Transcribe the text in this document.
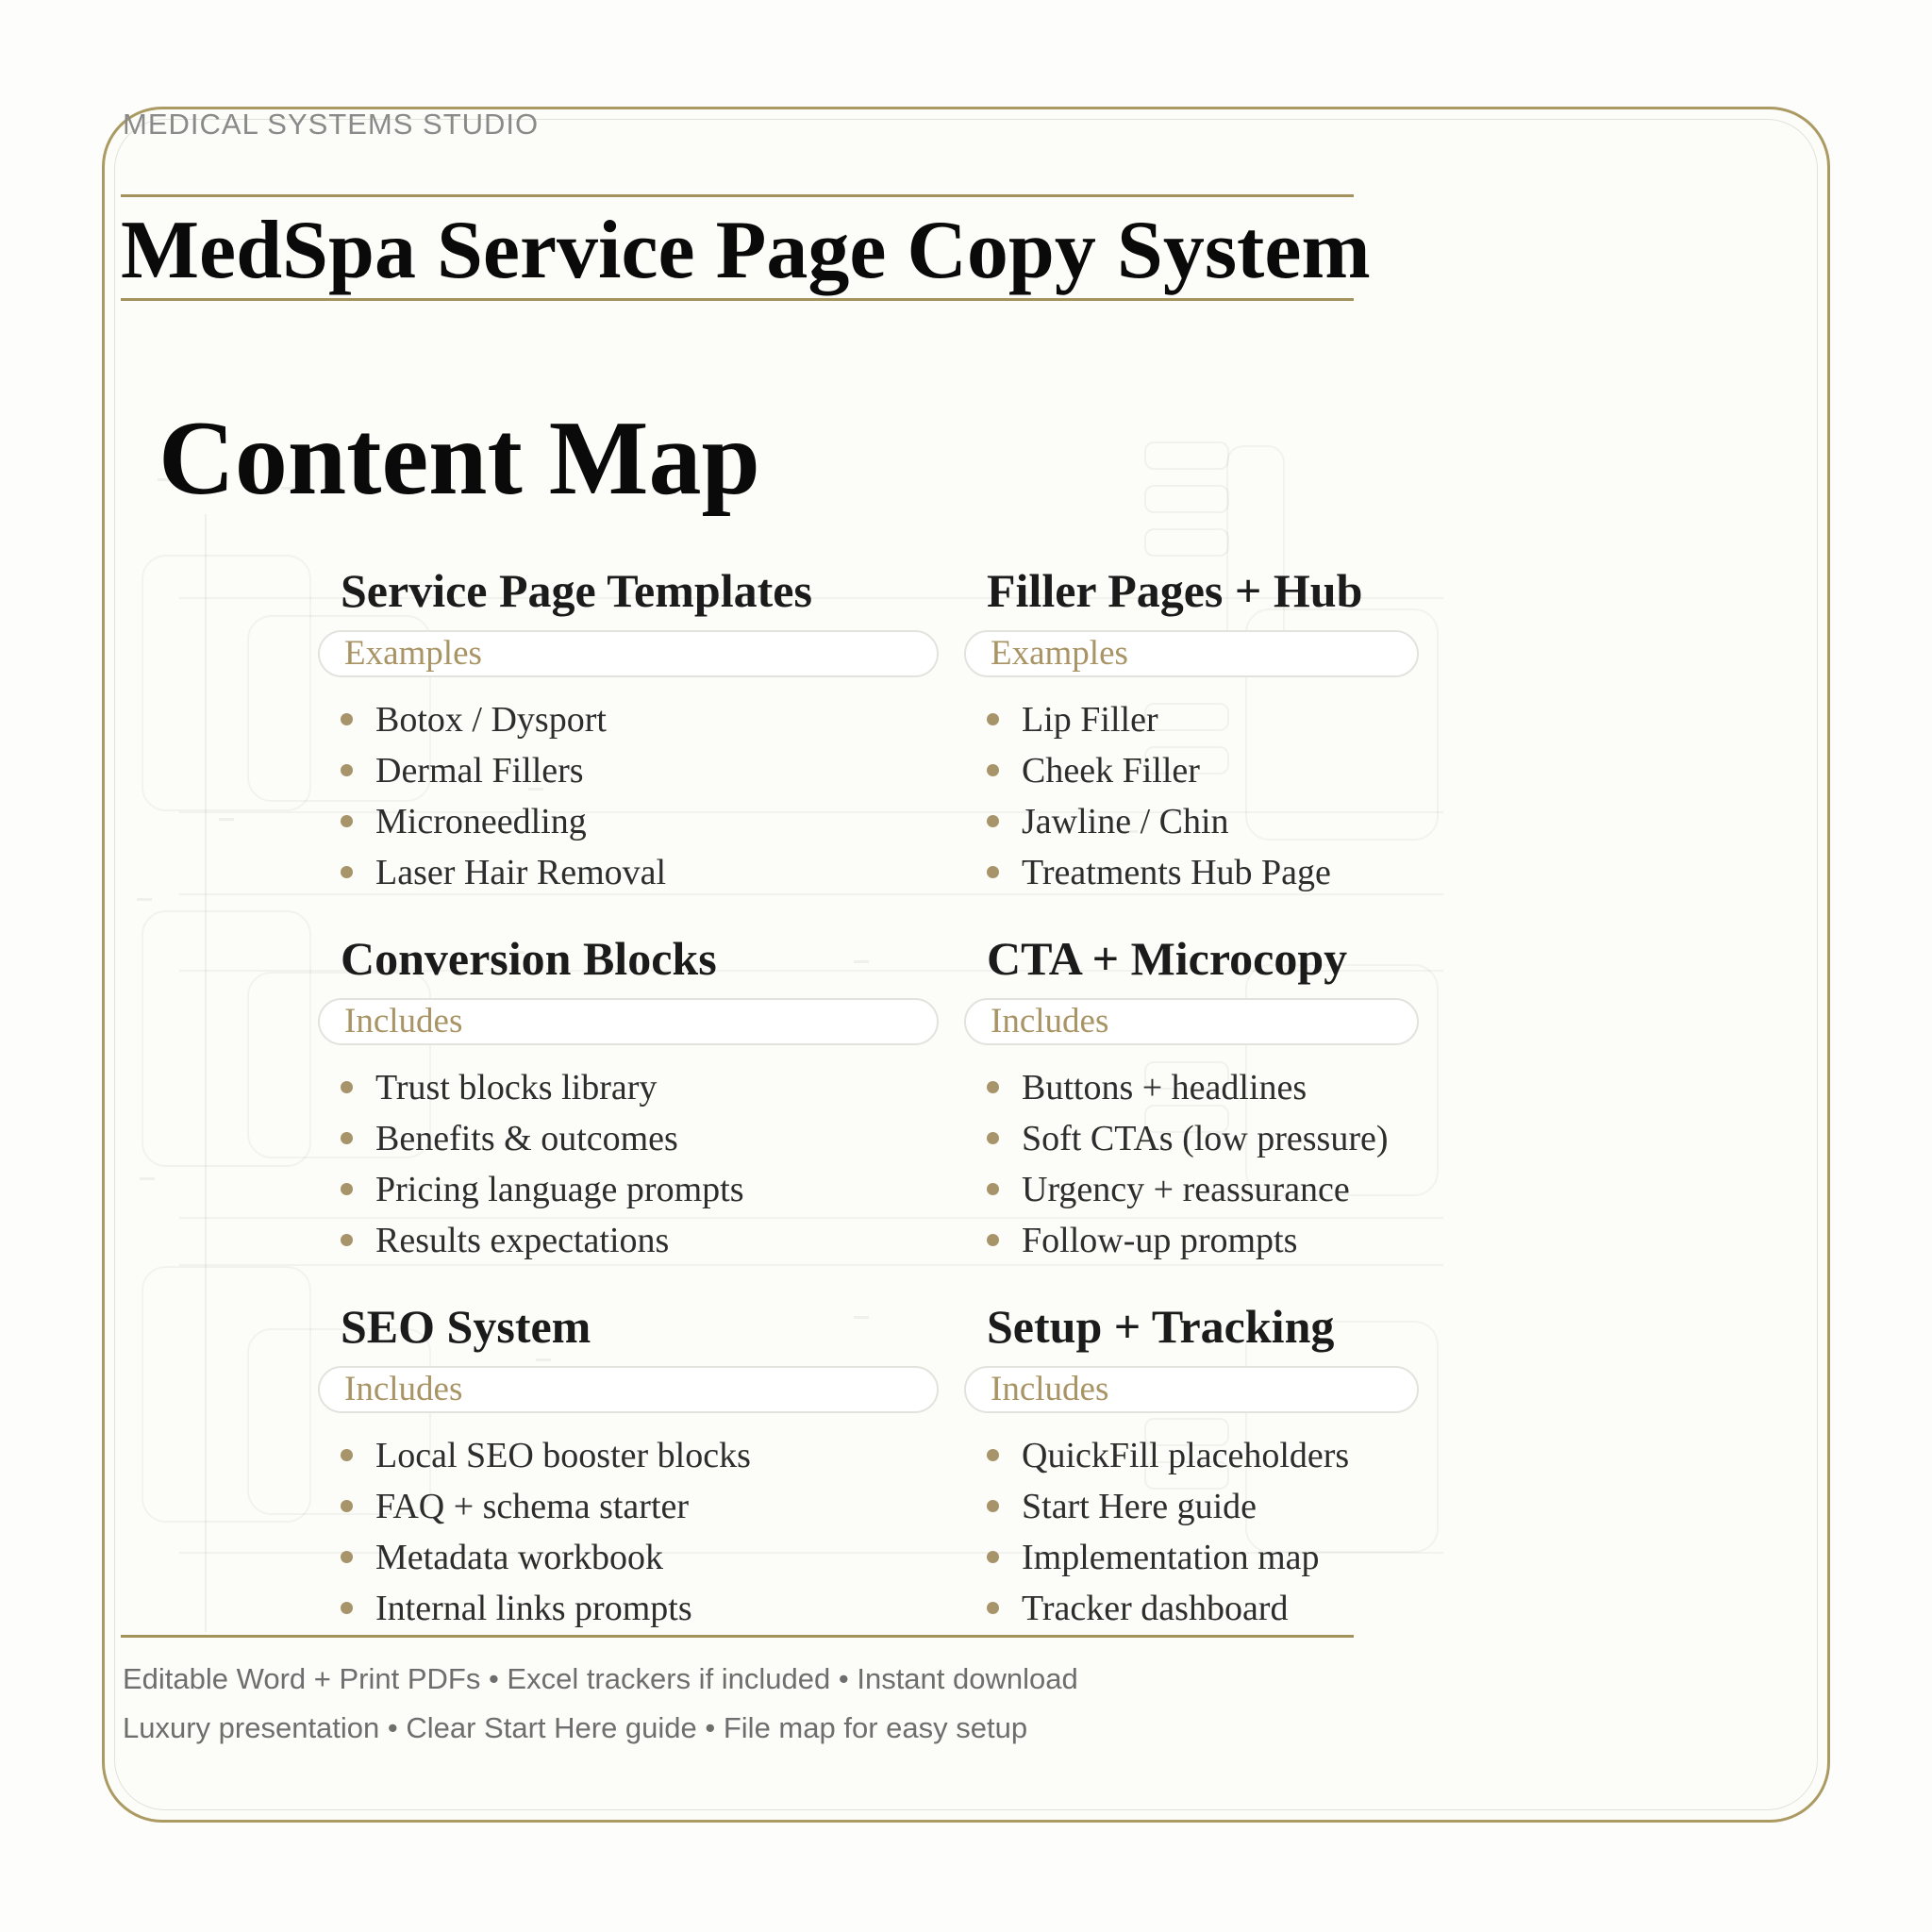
MEDICAL SYSTEMS STUDIO
MedSpa Service Page Copy System
Content Map
Service Page Templates
Examples
Botox / Dysport
Dermal Fillers
Microneedling
Laser Hair Removal
Filler Pages + Hub
Examples
Lip Filler
Cheek Filler
Jawline / Chin
Treatments Hub Page
Conversion Blocks
Includes
Trust blocks library
Benefits & outcomes
Pricing language prompts
Results expectations
CTA + Microcopy
Includes
Buttons + headlines
Soft CTAs (low pressure)
Urgency + reassurance
Follow-up prompts
SEO System
Includes
Local SEO booster blocks
FAQ + schema starter
Metadata workbook
Internal links prompts
Setup + Tracking
Includes
QuickFill placeholders
Start Here guide
Implementation map
Tracker dashboard
Editable Word + Print PDFs • Excel trackers if included • Instant download
Luxury presentation • Clear Start Here guide • File map for easy setup
